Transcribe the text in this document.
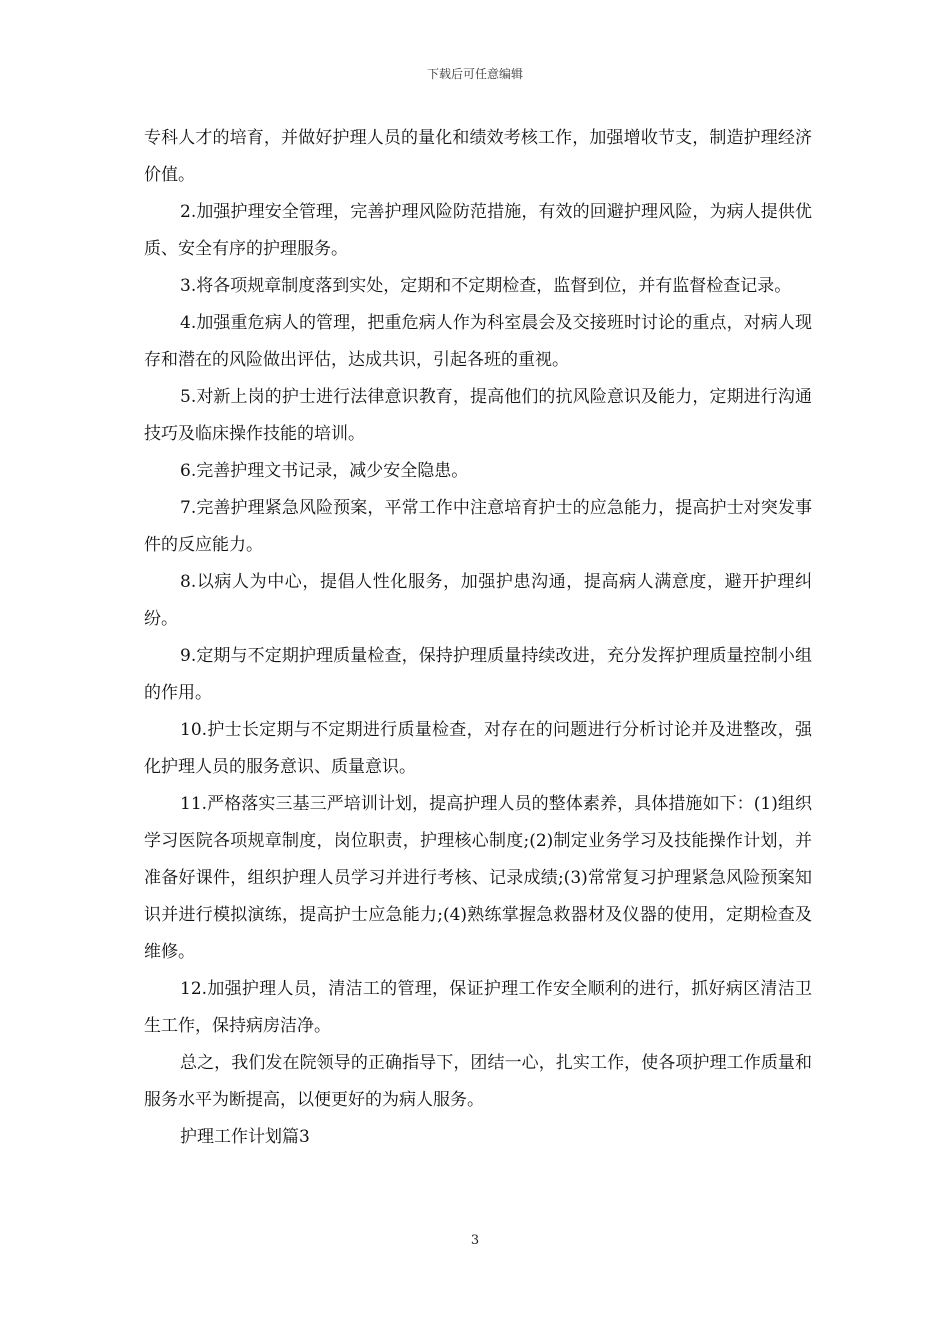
下载后可任意编辑

专科人才的培育，并做好护理人员的量化和绩效考核工作，加强增收节支，制造护理经济价值。

2.加强护理安全管理，完善护理风险防范措施，有效的回避护理风险，为病人提供优质、安全有序的护理服务。

3.将各项规章制度落到实处，定期和不定期检查，监督到位，并有监督检查记录。

4.加强重危病人的管理，把重危病人作为科室晨会及交接班时讨论的重点，对病人现存和潜在的风险做出评估，达成共识，引起各班的重视。

5.对新上岗的护士进行法律意识教育，提高他们的抗风险意识及能力，定期进行沟通技巧及临床操作技能的培训。

6.完善护理文书记录，减少安全隐患。

7.完善护理紧急风险预案，平常工作中注意培育护士的应急能力，提高护士对突发事件的反应能力。

8.以病人为中心，提倡人性化服务，加强护患沟通，提高病人满意度，避开护理纠纷。

9.定期与不定期护理质量检查，保持护理质量持续改进，充分发挥护理质量控制小组的作用。

10.护士长定期与不定期进行质量检查，对存在的问题进行分析讨论并及进整改，强化护理人员的服务意识、质量意识。

11.严格落实三基三严培训计划，提高护理人员的整体素养，具体措施如下：(1)组织学习医院各项规章制度，岗位职责，护理核心制度;(2)制定业务学习及技能操作计划，并准备好课件，组织护理人员学习并进行考核、记录成绩;(3)常常复习护理紧急风险预案知识并进行模拟演练，提高护士应急能力;(4)熟练掌握急救器材及仪器的使用，定期检查及维修。

12.加强护理人员，清洁工的管理，保证护理工作安全顺利的进行，抓好病区清洁卫生工作，保持病房洁净。

总之，我们发在院领导的正确指导下，团结一心，扎实工作，使各项护理工作质量和服务水平为断提高，以便更好的为病人服务。

护理工作计划篇3

3
